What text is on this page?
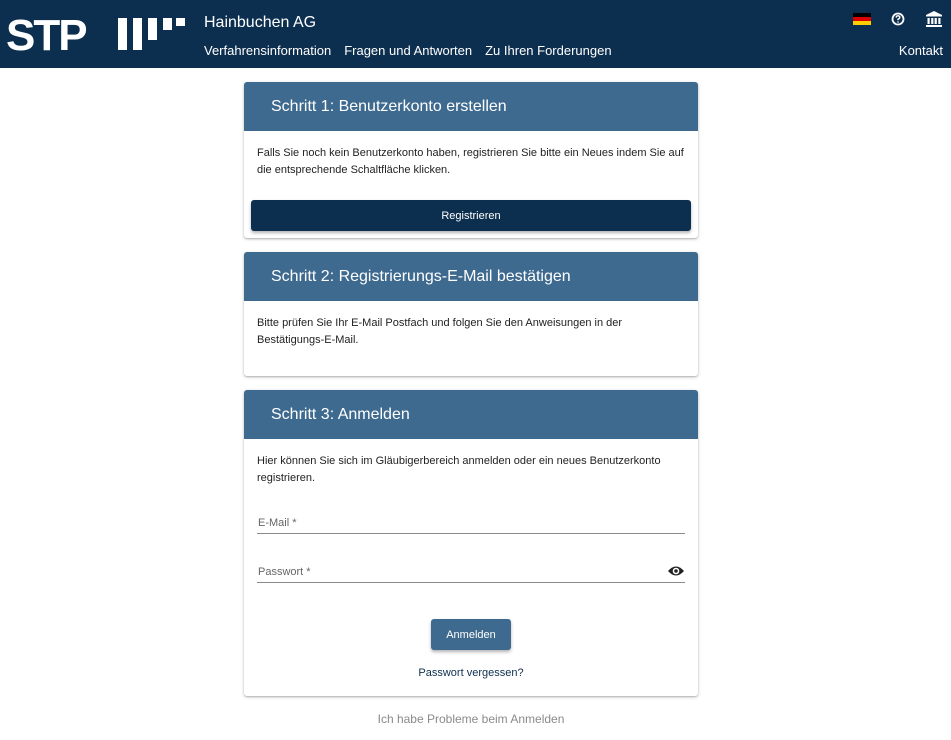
STP	Hainbuchen AG
Verfahrensinformation Fragen und Antworten Zu Ihren Forderungen	Kontakt
Schritt 1: Benutzerkonto erstellen
Falls Sie noch kein Benutzerkonto haben, registrieren Sie bitte ein Neues indem Sie auf die entsprechende Schaltfläche klicken.
Registrieren
Schritt 2: Registrierungs-E-Mail bestätigen
Bitte prüfen Sie Ihr E-Mail Postfach und folgen Sie den Anweisungen in der Bestätigungs-E-Mail.
Schritt 3: Anmelden
Hier können Sie sich im Gläubigerbereich anmelden oder ein neues Benutzerkonto registrieren.
E-Mail *
Anmelden
Passwort vergessen?
Ich habe Probleme beim Anmelden
